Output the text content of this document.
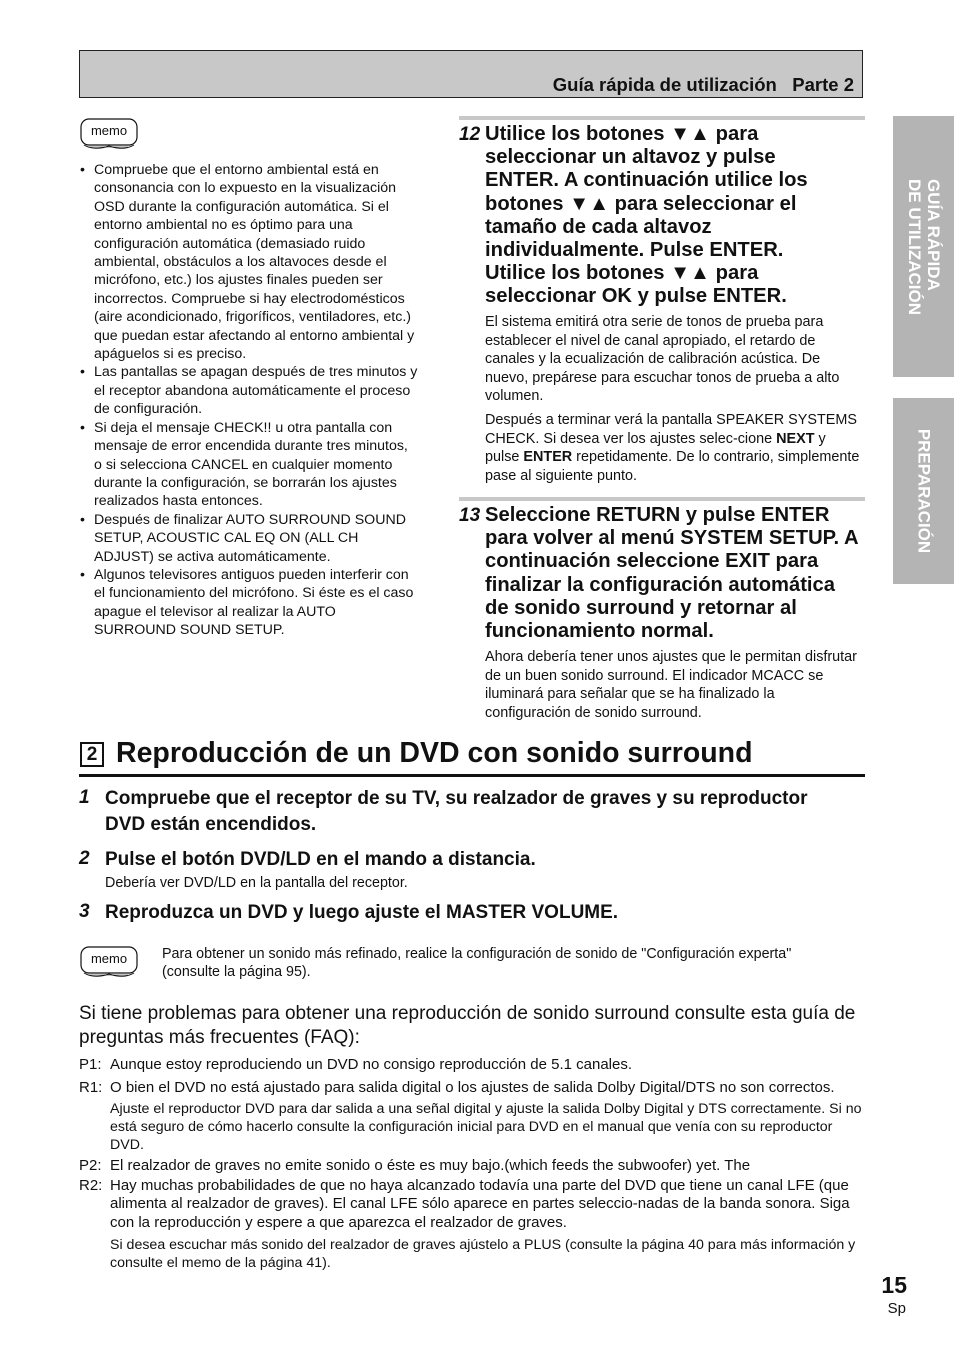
Guía rápida de utilización   Parte 2
GUÍA RÁPIDA
DE UTILIZACIÓN
PREPARACIÓN
memo
• Compruebe que el entorno ambiental está en consonancia con lo expuesto en la visualización OSD durante la configuración automática. Si el entorno ambiental no es óptimo para una configuración automática (demasiado ruido ambiental, obstáculos a los altavoces desde el micrófono, etc.) los ajustes finales pueden ser incorrectos. Compruebe si hay electrodomésticos (aire acondicionado, frigoríficos, ventiladores, etc.) que puedan estar afectando al entorno ambiental y apáguelos si es preciso.
• Las pantallas se apagan después de tres minutos y el receptor abandona automáticamente el proceso de configuración.
• Si deja el mensaje CHECK!! u otra pantalla con mensaje de error encendida durante tres minutos, o si selecciona CANCEL en cualquier momento durante la configuración, se borrarán los ajustes realizados hasta entonces.
• Después de finalizar AUTO SURROUND SOUND SETUP, ACOUSTIC CAL EQ ON (ALL CH ADJUST) se activa automáticamente.
• Algunos televisores antiguos pueden interferir con el funcionamiento del micrófono. Si éste es el caso apague el televisor al realizar la AUTO SURROUND SOUND SETUP.
12 Utilice los botones ▼▲ para seleccionar un altavoz y pulse ENTER. A continuación utilice los botones ▼▲ para seleccionar el tamaño de cada altavoz individualmente. Pulse ENTER. Utilice los botones ▼▲ para seleccionar OK y pulse ENTER.

El sistema emitirá otra serie de tonos de prueba para establecer el nivel de canal apropiado, el retardo de canales y la ecualización de calibración acústica. De nuevo, prepárese para escuchar tonos de prueba a alto volumen.

Después a terminar verá la pantalla SPEAKER SYSTEMS CHECK. Si desea ver los ajustes selec-cione NEXT y pulse ENTER repetidamente. De lo contrario, simplemente pase al siguiente punto.

13 Seleccione RETURN y pulse ENTER para volver al menú SYSTEM SETUP. A continuación seleccione EXIT para finalizar la configuración automática de sonido surround y retornar al funcionamiento normal.
Ahora debería tener unos ajustes que le permitan disfrutar de un buen sonido surround. El indicador MCACC se iluminará para señalar que se ha finalizado la configuración de sonido surround.
2 Reproducción de un DVD con sonido surround
1 Compruebe que el receptor de su TV, su realzador de graves y su reproductor DVD están encendidos.
2 Pulse el botón DVD/LD en el mando a distancia.
Debería ver DVD/LD en la pantalla del receptor.
3 Reproduzca un DVD y luego ajuste el MASTER VOLUME.
memo Para obtener un sonido más refinado, realice la configuración de sonido de "Configuración experta" (consulte la página 95).
Si tiene problemas para obtener una reproducción de sonido surround consulte esta guía de preguntas más frecuentes (FAQ):
P1: Aunque estoy reproduciendo un DVD no consigo reproducción de 5.1 canales.
R1: O bien el DVD no está ajustado para salida digital o los ajustes de salida Dolby Digital/DTS no son correctos.
Ajuste el reproductor DVD para dar salida a una señal digital y ajuste la salida Dolby Digital y DTS correctamente. Si no está seguro de cómo hacerlo consulte la configuración inicial para DVD en el manual que venía con su reproductor DVD.
P2: El realzador de graves no emite sonido o éste es muy bajo.(which feeds the subwoofer) yet. The
R2: Hay muchas probabilidades de que no haya alcanzado todavía una parte del DVD que tiene un canal LFE (que alimenta al realzador de graves). El canal LFE sólo aparece en partes seleccio-nadas de la banda sonora. Siga con la reproducción y espere a que aparezca el realzador de graves.
Si desea escuchar más sonido del realzador de graves ajústelo a PLUS (consulte la página 40 para más información y consulte el memo de la página 41).
15
Sp
